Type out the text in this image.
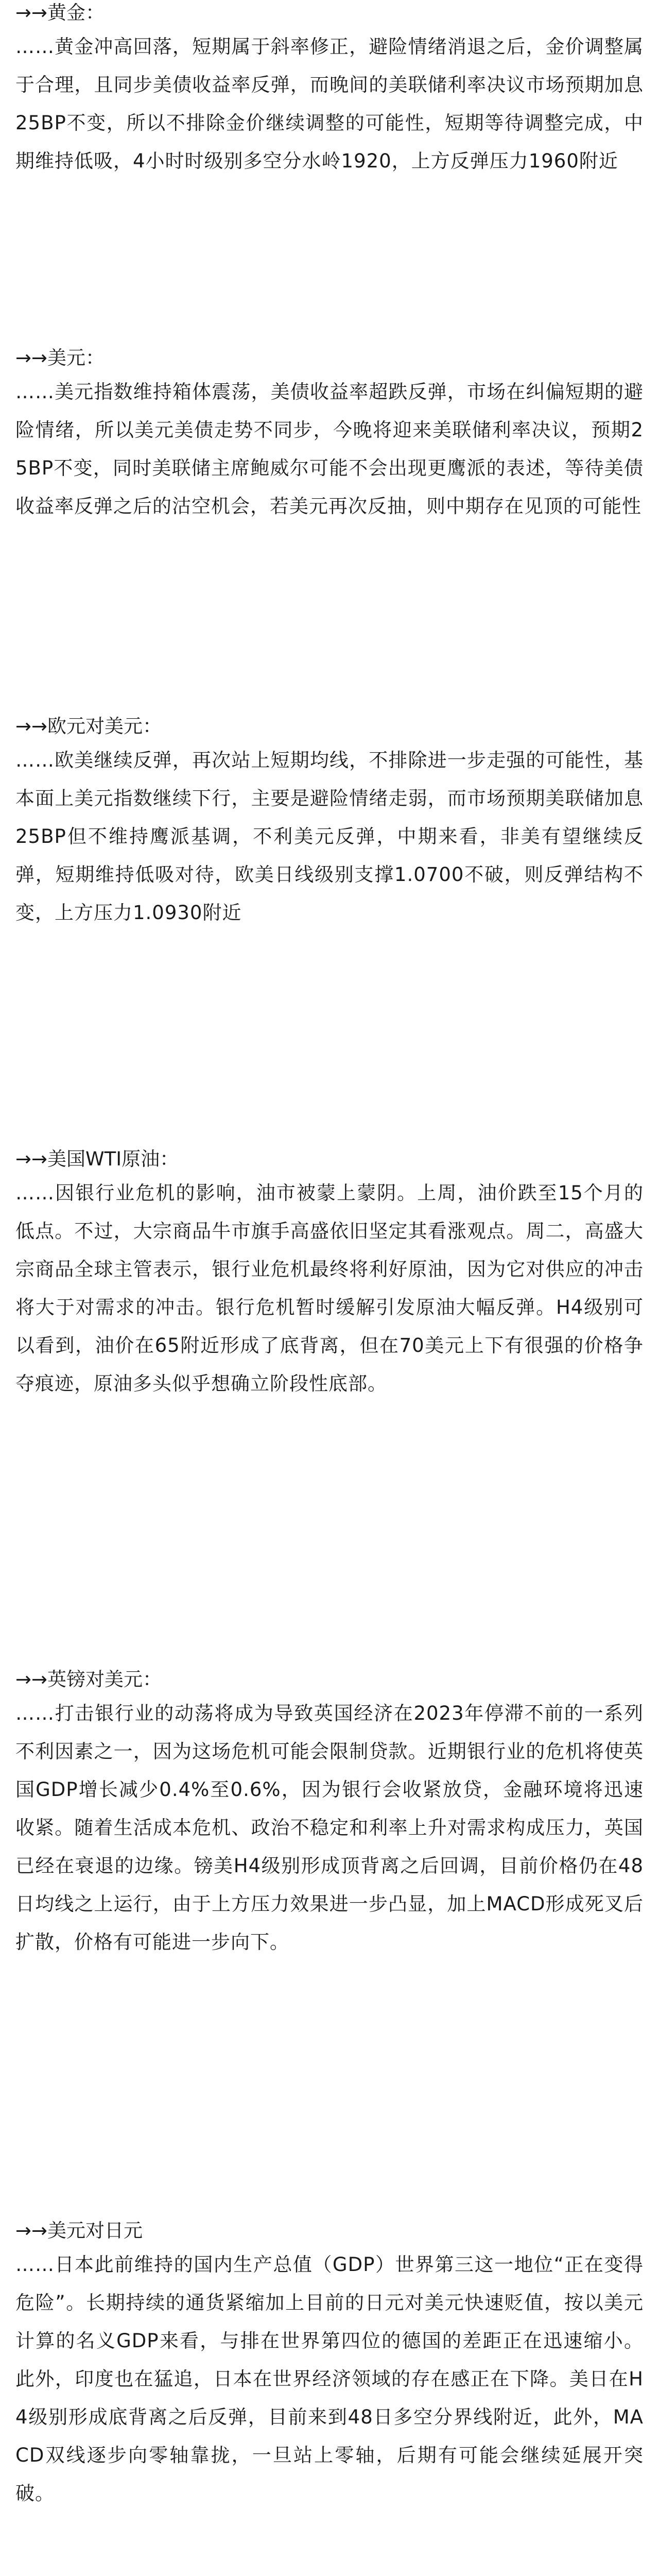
→→黄金：

……黄金冲高回落，短期属于斜率修正，避险情绪消退之后，金价调整属于合理，且同步美债收益率反弹，而晚间的美联储利率决议市场预期加息25BP不变，所以不排除金价继续调整的可能性，短期等待调整完成，中期维持低吸，4小时时级别多空分水岭1920，上方反弹压力1960附近

→→美元：

……美元指数维持箱体震荡，美债收益率超跌反弹，市场在纠偏短期的避险情绪，所以美元美债走势不同步，今晚将迎来美联储利率决议，预期25BP不变，同时美联储主席鲍威尔可能不会出现更鹰派的表述，等待美债收益率反弹之后的沽空机会，若美元再次反抽，则中期存在见顶的可能性

→→欧元对美元：

……欧美继续反弹，再次站上短期均线，不排除进一步走强的可能性，基本面上美元指数继续下行，主要是避险情绪走弱，而市场预期美联储加息25BP但不维持鹰派基调，不利美元反弹，中期来看，非美有望继续反弹，短期维持低吸对待，欧美日线级别支撑1.0700不破，则反弹结构不变，上方压力1.0930附近

→→美国WTI原油：

……因银行业危机的影响，油市被蒙上蒙阴。上周，油价跌至15个月的低点。不过，大宗商品牛市旗手高盛依旧坚定其看涨观点。周二，高盛大宗商品全球主管表示，银行业危机最终将利好原油，因为它对供应的冲击将大于对需求的冲击。银行危机暂时缓解引发原油大幅反弹。H4级别可以看到，油价在65附近形成了底背离，但在70美元上下有很强的价格争夺痕迹，原油多头似乎想确立阶段性底部。

→→英镑对美元：

……打击银行业的动荡将成为导致英国经济在2023年停滞不前的一系列不利因素之一，因为这场危机可能会限制贷款。近期银行业的危机将使英国GDP增长减少0.4%至0.6%，因为银行会收紧放贷，金融环境将迅速收紧。随着生活成本危机、政治不稳定和利率上升对需求构成压力，英国已经在衰退的边缘。镑美H4级别形成顶背离之后回调，目前价格仍在48日均线之上运行，由于上方压力效果进一步凸显，加上MACD形成死叉后扩散，价格有可能进一步向下。

→→美元对日元

……日本此前维持的国内生产总值（GDP）世界第三这一地位“正在变得危险”。长期持续的通货紧缩加上目前的日元对美元快速贬值，按以美元计算的名义GDP来看，与排在世界第四位的德国的差距正在迅速缩小。此外，印度也在猛追，日本在世界经济领域的存在感正在下降。美日在H4级别形成底背离之后反弹，目前来到48日多空分界线附近，此外，MACD双线逐步向零轴靠拢，一旦站上零轴，后期有可能会继续延展开突破。
